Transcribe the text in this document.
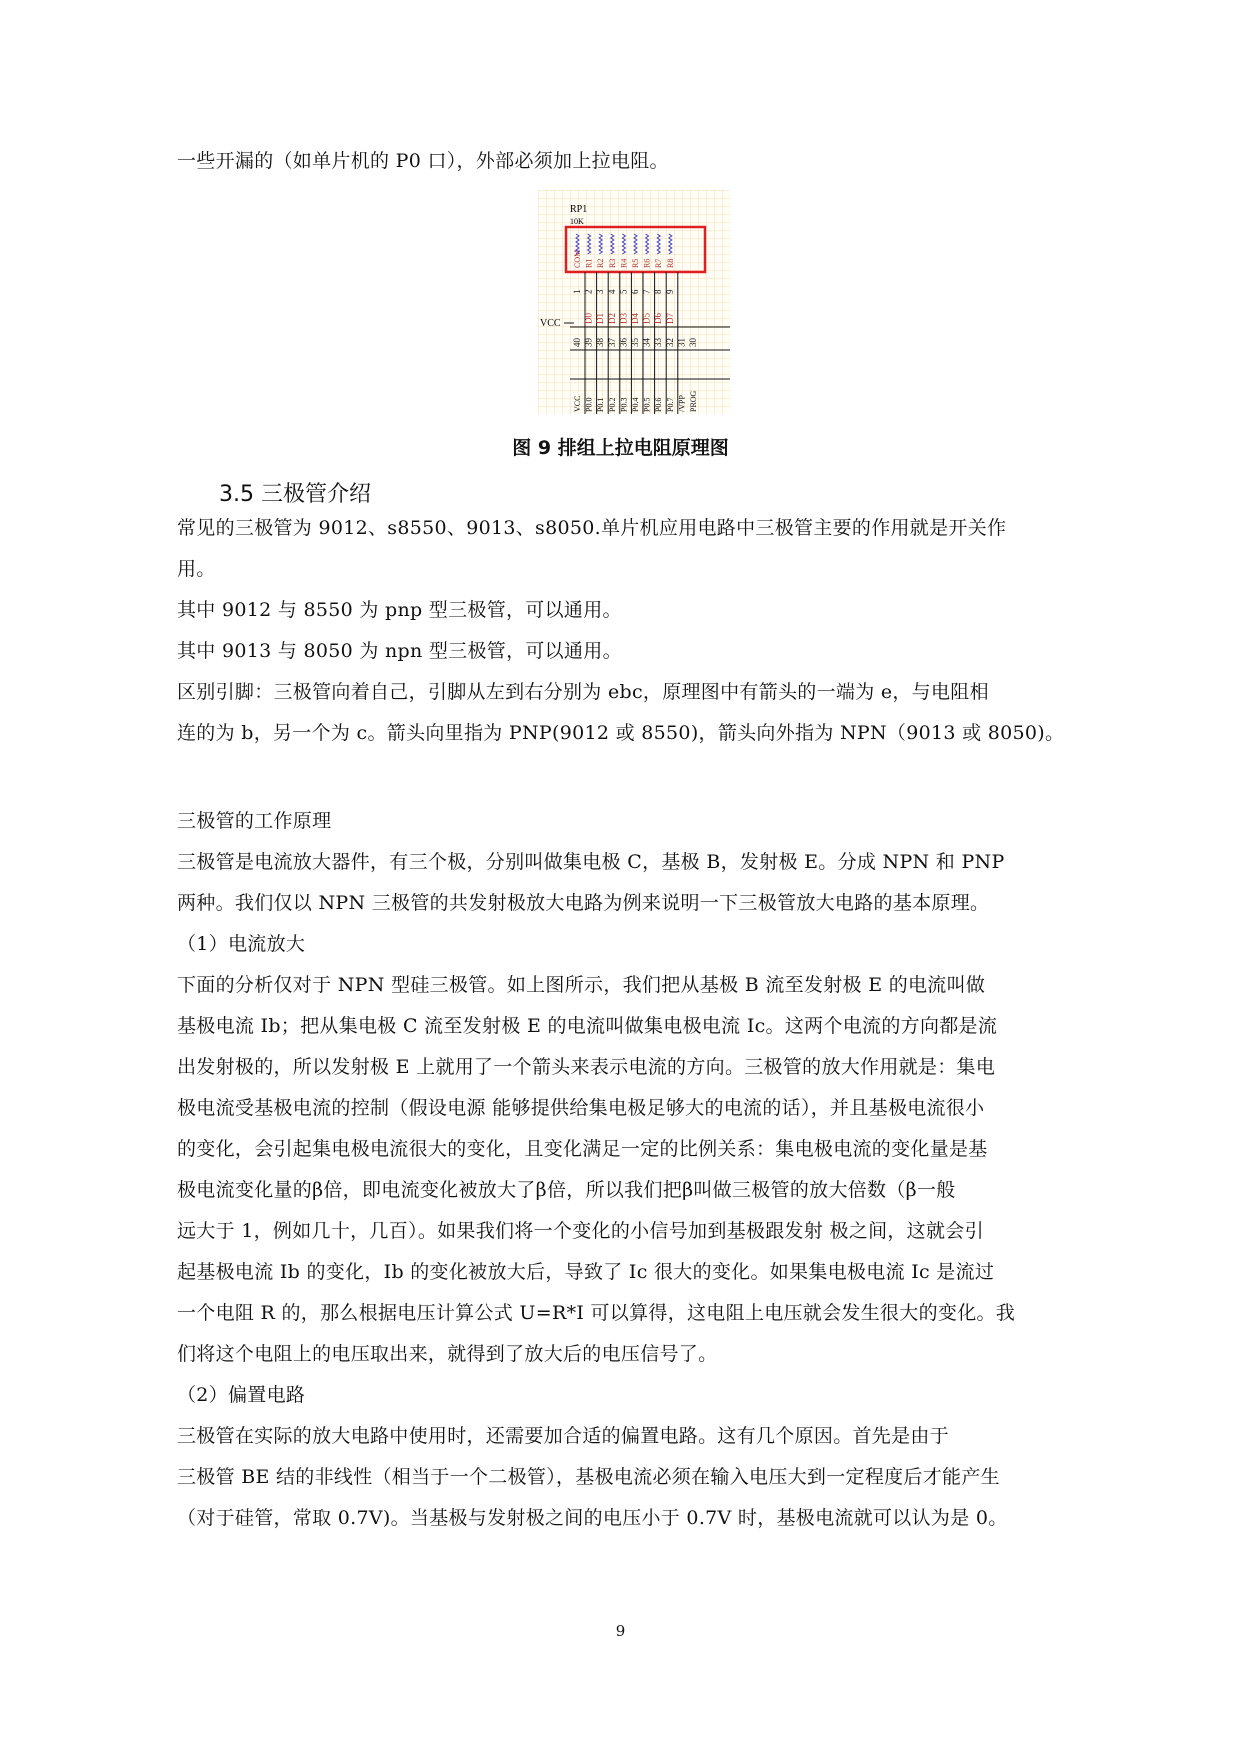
一些开漏的（如单片机的 P0 口），外部必须加上拉电阻。
RP1
10K
COM R1 R2 R3 R4 R5 R6 R7 R8
1 2 3 4 5 6 7 8 9
D0 D1 D2 D3 D4 D5 D6 D7
40 39 38 37 36 35 34 33 32 31 30
VCC P0.0 P0.1 P0.2 P0.3 P0.4 P0.5 P0.6 P0.7 /VPP PROG
VCC
图 9 排组上拉电阻原理图
3.5 三极管介绍
常见的三极管为 9012、s8550、9013、s8050.单片机应用电路中三极管主要的作用就是开关作
用。
其中 9012 与 8550 为 pnp 型三极管，可以通用。
其中 9013 与 8050 为 npn 型三极管，可以通用。
区别引脚：三极管向着自己，引脚从左到右分别为 ebc，原理图中有箭头的一端为 e，与电阻相
连的为 b，另一个为 c。箭头向里指为 PNP(9012 或 8550)，箭头向外指为 NPN（9013 或 8050)。
三极管的工作原理
三极管是电流放大器件，有三个极，分别叫做集电极 C，基极 B，发射极 E。分成 NPN 和 PNP
两种。我们仅以 NPN 三极管的共发射极放大电路为例来说明一下三极管放大电路的基本原理。
（1）电流放大
下面的分析仅对于 NPN 型硅三极管。如上图所示，我们把从基极 B 流至发射极 E 的电流叫做
基极电流 Ib；把从集电极 C 流至发射极 E 的电流叫做集电极电流 Ic。这两个电流的方向都是流
出发射极的，所以发射极 E 上就用了一个箭头来表示电流的方向。三极管的放大作用就是：集电
极电流受基极电流的控制（假设电源 能够提供给集电极足够大的电流的话），并且基极电流很小
的变化，会引起集电极电流很大的变化，且变化满足一定的比例关系：集电极电流的变化量是基
极电流变化量的β倍，即电流变化被放大了β倍，所以我们把β叫做三极管的放大倍数（β一般
远大于 1，例如几十，几百）。如果我们将一个变化的小信号加到基极跟发射 极之间，这就会引
起基极电流 Ib 的变化，Ib 的变化被放大后，导致了 Ic 很大的变化。如果集电极电流 Ic 是流过
一个电阻 R 的，那么根据电压计算公式 U=R*I 可以算得，这电阻上电压就会发生很大的变化。我
们将这个电阻上的电压取出来，就得到了放大后的电压信号了。
（2）偏置电路
三极管在实际的放大电路中使用时，还需要加合适的偏置电路。这有几个原因。首先是由于
三极管 BE 结的非线性（相当于一个二极管），基极电流必须在输入电压大到一定程度后才能产生
（对于硅管，常取 0.7V)。当基极与发射极之间的电压小于 0.7V 时，基极电流就可以认为是 0。
9
